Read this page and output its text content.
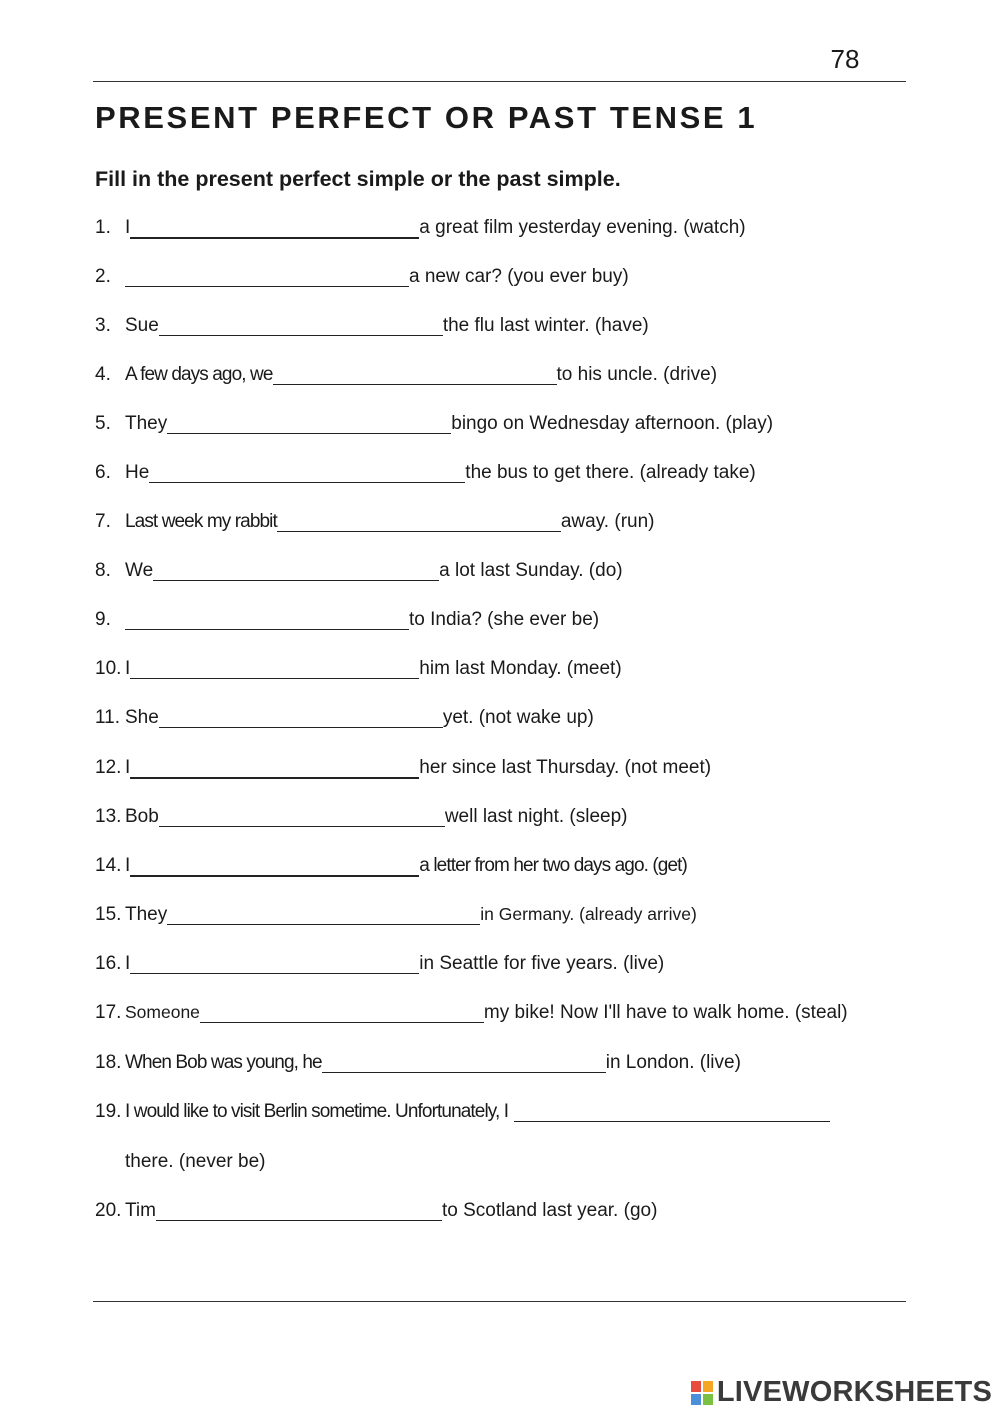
78
PRESENT PERFECT OR PAST TENSE 1
Fill in the present perfect simple or the past simple.
1. I	a great film yesterday evening. (watch)
2.	a new car? (you ever buy)
3. Sue	the flu last winter. (have)
4. A few days ago, we	to his uncle. (drive)
5. They	bingo on Wednesday afternoon. (play)
6. He	the bus to get there. (already take)
7. Last week my rabbit	away. (run)
8. We	a lot last Sunday. (do)
9.	to India? (she ever be)
10. I	him last Monday. (meet)
11. She	yet. (not wake up)
12. I	her since last Thursday. (not meet)
13. Bob	well last night. (sleep)
14. I	a letter from her two days ago. (get)
15. They	in Germany. (already arrive)
16. I	in Seattle for five years. (live)
17. Someone	my bike! Now I'll have to walk home. (steal)
18. When Bob was young, he	in London. (live)
19. I would like to visit Berlin sometime. Unfortunately, I
there. (never be)
20. Tim	to Scotland last year. (go)
LIVEWORKSHEETS
